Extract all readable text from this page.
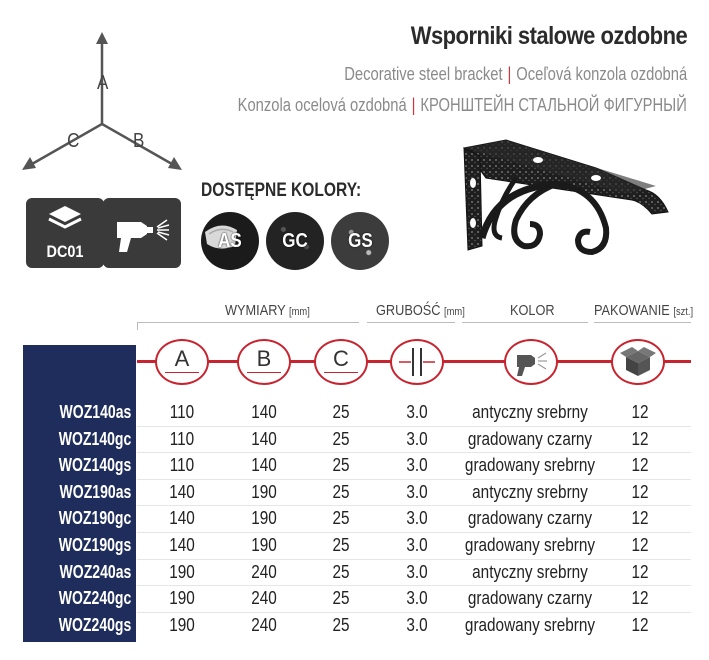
Wsporniki stalowe ozdobne
Decorative steel bracket | Oceľová konzola ozdobná
Konzola ocelová ozdobná | КРОНШТЕЙН СТАЛЬНОЙ ФИГУРНЫЙ
A
C	B
DC01
DOSTĘPNE KOLORY:
AS GC GS
WYMIARY [mm]	GRUBOŚĆ [mm]	KOLOR	PAKOWANIE [szt.]
A	B	C
WOZ140as 110	140	25	3.0 antyczny srebrny 12
WOZ140gc 110	140	25	3.0 gradowany czarny 12
WOZ140gs 110	140	25	3.0 gradowany srebrny 12
WOZ190as 140	190	25	3.0 antyczny srebrny 12
WOZ190gc 140	190	25	3.0 gradowany czarny 12
WOZ190gs 140	190	25	3.0 gradowany srebrny 12
WOZ240as 190	240	25	3.0 antyczny srebrny 12
WOZ240gc 190	240	25	3.0 gradowany czarny 12
WOZ240gs 190	240	25	3.0 gradowany srebrny 12
